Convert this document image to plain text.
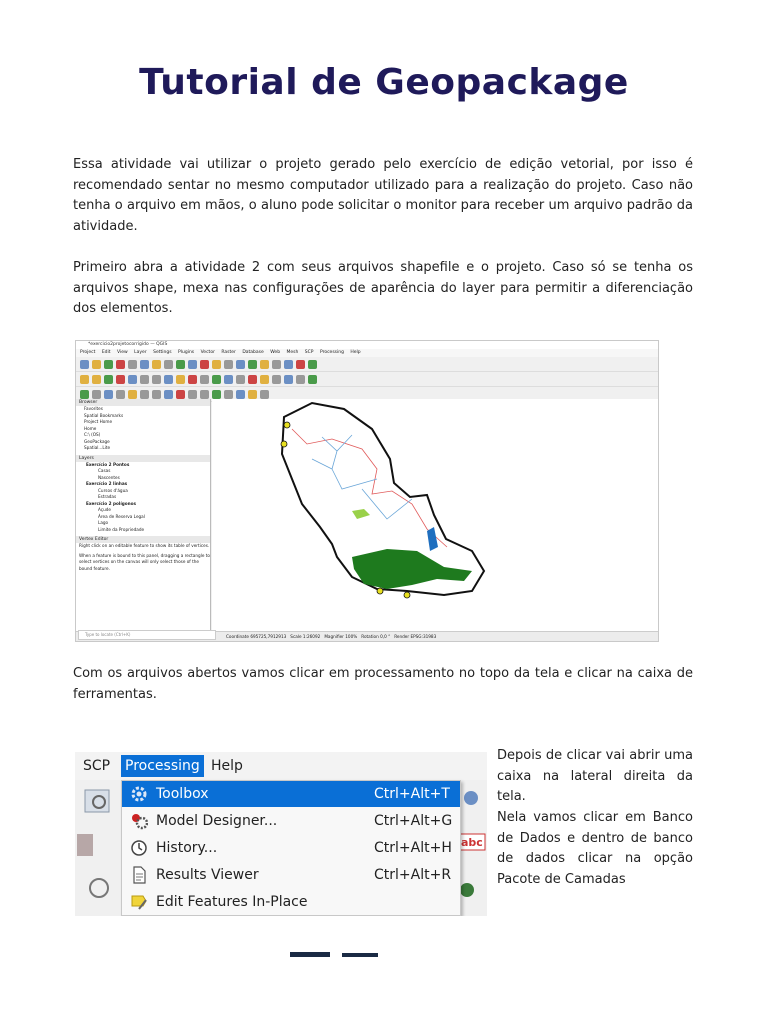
Tutorial de Geopackage
Essa atividade vai utilizar o projeto gerado pelo exercício de edição vetorial, por isso é recomendado sentar no mesmo computador utilizado para a realização do projeto. Caso não tenha o arquivo em mãos, o aluno pode solicitar o monitor para receber um arquivo padrão da atividade.
Primeiro abra a atividade 2 com seus arquivos shapefile e o projeto. Caso só se tenha os arquivos shape, mexa nas configurações de aparência do layer para permitir a diferenciação dos elementos.
*exercicio2projetocorrigido — QGIS
Project Edit View Layer Settings Plugins Vector Raster Database Web Mesh SCP Processing Help
Browser
Favorites
Spatial Bookmarks
Project Home
Home
C:\ (OS)
GeoPackage
Spatial...Lite
Layers
Exercício 2 Pontos
Casas
Nascentes
Exercício 2 linhas
Cursos d'água
Estradas
Exercício 2 polígonos
Açude
Área de Reserva Legal
Lago
Limite da Propriedade
Vertex Editor
Right click on an editable feature to show its table of vertices.
When a feature is bound to this panel, dragging a rectangle to select vertices on the canvas will only select those of the bound feature.
Coordinate 695725,7912913 Scale 1:26092 Magnifier 100% Rotation 0,0 ° Render EPSG:31983
Type to locate (Ctrl+K)
Com os arquivos abertos vamos clicar em processamento no topo da tela e clicar na caixa de ferramentas.
SCP Processing Help
abc
Toolbox	Ctrl+Alt+T
Model Designer...	Ctrl+Alt+G
History...	Ctrl+Alt+H
Results Viewer	Ctrl+Alt+R
Edit Features In-Place
Depois de clicar vai abrir uma caixa na lateral direita da tela.
Nela vamos clicar em Banco de Dados e dentro de banco de dados clicar na opção Pacote de Camadas
